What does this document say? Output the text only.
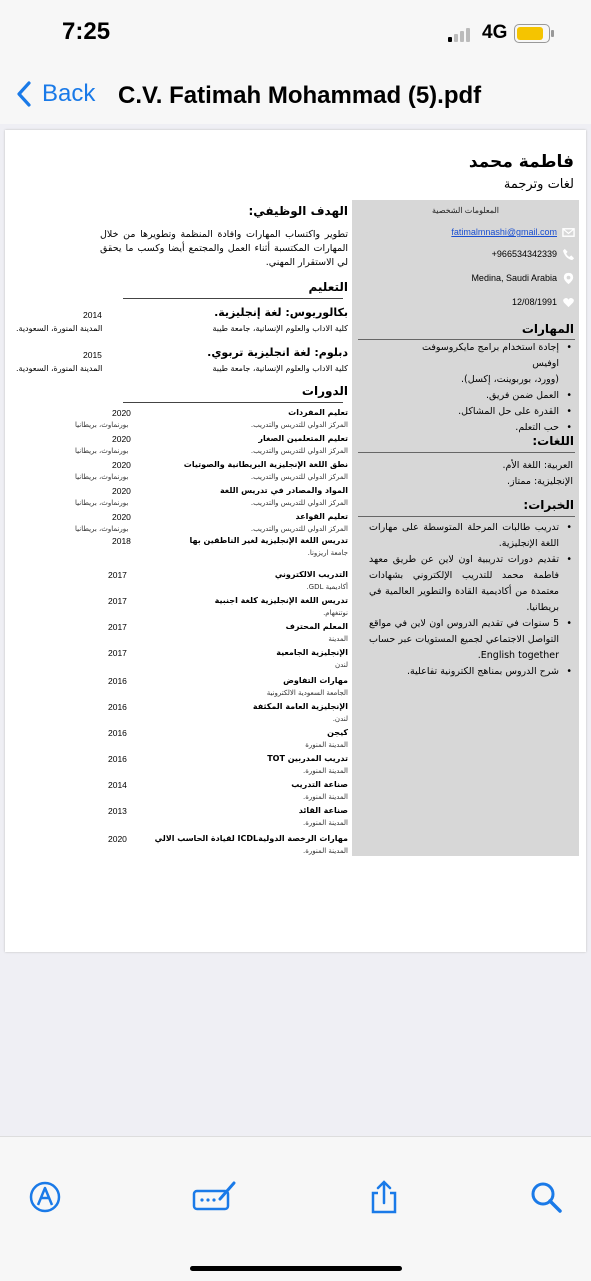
7:25	4G
Back C.V. Fatimah Mohammad (5).pdf
فاطمة محمد
لغات وترجمة
المعلومات الشخصية
fatimalmnashi@gmail.com
+966534342339
Medina, Saudi Arabia
12/08/1991
المهارات
• إجادة استخدام برامج مايكروسوفت
اوفيس
(وورد، بوربوينت، إكسل).
• العمل ضمن فريق.
• القدرة على حل المشاكل.
• حب التعلم.
اللغات:
العربية: اللغة الأم.
الإنجليزية: ممتاز.
الخبرات:
• تدريب طالبات المرحلة المتوسطة على مهارات اللغة الإنجليزية.
• تقديم دورات تدريبية اون لاين عن طريق معهد فاطمة محمد للتدريب الإلكتروني بشهادات معتمدة من أكاديمية القادة والتطوير العالمية في بريطانيا.
• 5 سنوات في تقديم الدروس اون لاين في مواقع التواصل الاجتماعي لجميع المستويات عبر حساب English together.
• شرح الدروس بمناهج الكترونية تفاعلية.
الهدف الوظيفي:
تطوير واكتساب المهارات وافادة المنظمة وتطويرها من خلال المهارات المكتسبة أثناء العمل والمجتمع أيضا وكسب ما يحقق لي الاستقرار المهني.
التعليم
بكالوريوس: لغة إنجليزية.
كلية الاداب والعلوم الإنسانية، جامعة طيبة
2014
المدينة المنورة، السعودية.
دبلوم: لغة انجليزية تربوي.
كلية الاداب والعلوم الإنسانية، جامعة طيبة
2015
المدينة المنورة، السعودية.
الدورات
تعليم المفردات
المركز الدولي للتدريس والتدريب.
2020
بورنماوث، بريطانيا
تعليم المتعلمين الصغار
المركز الدولي للتدريس والتدريب.
2020
بورنماوث، بريطانيا
نطق اللغة الإنجليزية البريطانية والصوتيات
المركز الدولي للتدريس والتدريب.
2020
بورنماوث، بريطانيا
المواد والمصادر في تدريس اللغة
المركز الدولي للتدريس والتدريب.
2020
بورنماوث، بريطانيا
تعليم القواعد
المركز الدولي للتدريس والتدريب.
2020
بورنماوث، بريطانيا
تدريس اللغة الإنجليزية لغير الناطقين بها
جامعة اريزونا.
2018
التدريب الالكتروني
أكاديمية GDL.
2017
تدريس اللغة الإنجليزية كلغة اجنبية
نوتنغهام.
2017
المعلم المحترف
المدينة
2017
الإنجليزية الجامعية
لندن
2017
مهارات التفاوض
الجامعة السعودية الالكترونية
2016
الإنجليزية العامة المكثفة
لندن.
2016
كيجن
المدينة المنورة
2016
تدريب المدربين TOT
المدينة المنورة.
2016
صناعة التدريب
المدينة المنورة.
2014
صناعة القائد
المدينة المنورة.
2013
مهارات الرخصة الدوليةICDL لقيادة الحاسب الالي
المدينة المنورة.
2020
